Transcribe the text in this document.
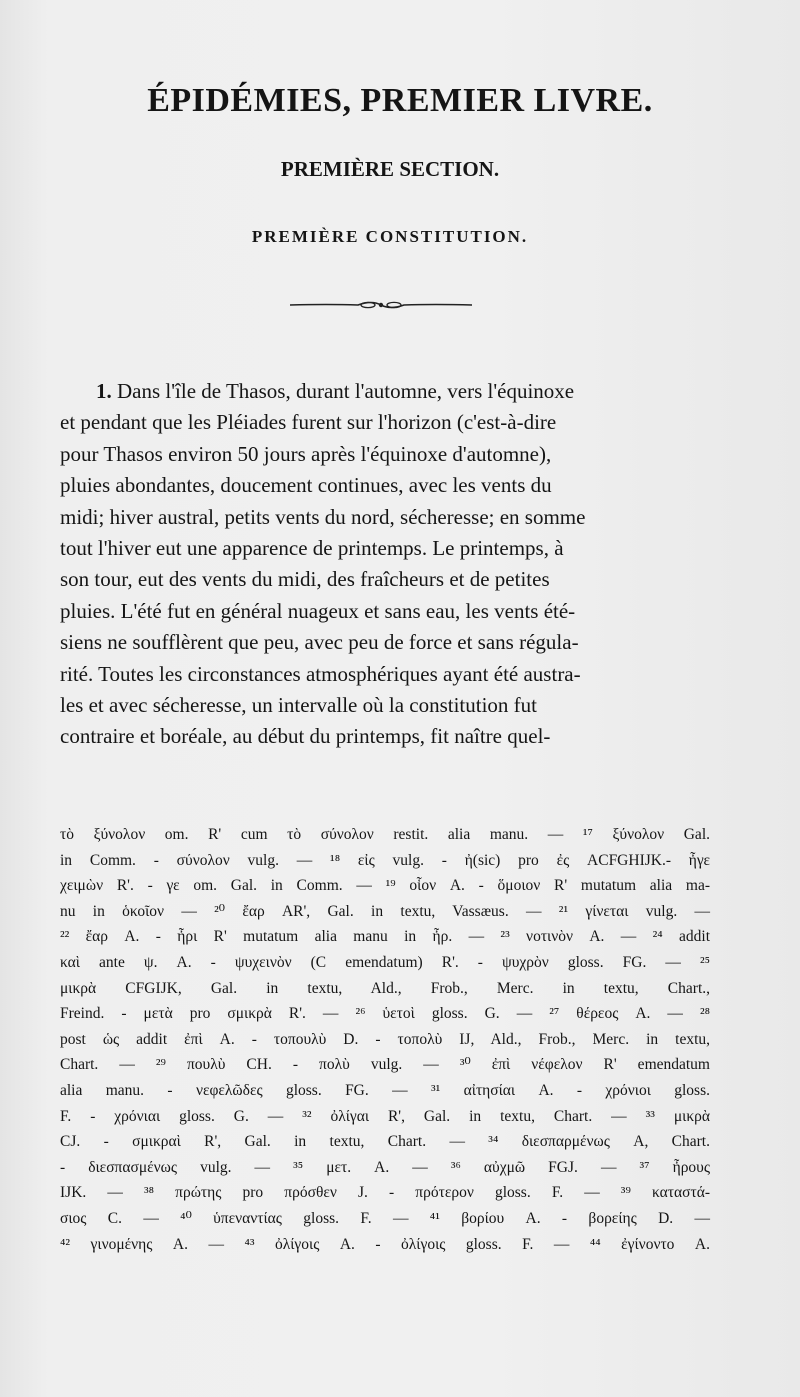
ÉPIDÉMIES, PREMIER LIVRE.
PREMIÈRE SECTION.
PREMIÈRE CONSTITUTION.
1. Dans l'île de Thasos, durant l'automne, vers l'équinoxe
et pendant que les Pléiades furent sur l'horizon (c'est-à-dire
pour Thasos environ 50 jours après l'équinoxe d'automne),
pluies abondantes, doucement continues, avec les vents du
midi; hiver austral, petits vents du nord, sécheresse; en somme
tout l'hiver eut une apparence de printemps. Le printemps, à
son tour, eut des vents du midi, des fraîcheurs et de petites
pluies. L'été fut en général nuageux et sans eau, les vents été-
siens ne soufflèrent que peu, avec peu de force et sans régula-
rité. Toutes les circonstances atmosphériques ayant été austra-
les et avec sécheresse, un intervalle où la constitution fut
contraire et boréale, au début du printemps, fit naître quel-
τὸ ξύνολον om. R' cum τὸ σύνολον restit. alia manu. — ¹⁷ ξύνολον Gal.
in Comm. - σύνολον vulg. — ¹⁸ εἰς vulg. - ἠ(sic) pro ἐς ACFGHIJK.- ἦγε
χειμὼν R'. - γε om. Gal. in Comm. — ¹⁹ οἷον A. - ὅμοιον R' mutatum alia ma-
nu in ὁκοῖον — ²⁰ ἔαρ AR', Gal. in textu, Vassæus. — ²¹ γίνεται vulg. —
²² ἔαρ A. - ἦρι R' mutatum alia manu in ἦρ. — ²³ νοτινὸν A. — ²⁴ addit
καὶ ante ψ. A. - ψυχεινὸν (C emendatum) R'. - ψυχρὸν gloss. FG. — ²⁵
μικρὰ CFGIJK, Gal. in textu, Ald., Frob., Merc. in textu, Chart.,
Freind. - μετὰ pro σμικρὰ R'. — ²⁶ ὑετοὶ gloss. G. — ²⁷ θέρεος A. — ²⁸
post ὡς addit ἐπὶ A. - τοπουλὺ D. - τοπολὺ IJ, Ald., Frob., Merc. in textu,
Chart. — ²⁹ πουλὺ CH. - πολὺ vulg. — ³⁰ ἐπὶ νέφελον R' emendatum
alia manu. - νεφελῶδες gloss. FG. — ³¹ αἰτησίαι A. - χρόνιοι gloss.
F. - χρόνιαι gloss. G. — ³² ὀλίγαι R', Gal. in textu, Chart. — ³³ μικρὰ
CJ. - σμικραὶ R', Gal. in textu, Chart. — ³⁴ διεσπαρμένως A, Chart.
- διεσπασμένως vulg. — ³⁵ μετ. A. — ³⁶ αὐχμῶ FGJ. — ³⁷ ἦρους
IJK. — ³⁸ πρώτης pro πρόσθεν J. - πρότερον gloss. F. — ³⁹ καταστά-
σιος C. — ⁴⁰ ὑπεναντίας gloss. F. — ⁴¹ βορίου A. - βορείης D. —
⁴² γινομένης A. — ⁴³ ὀλίγοις A. - ὀλίγοις gloss. F. — ⁴⁴ ἐγίνοντο A.
